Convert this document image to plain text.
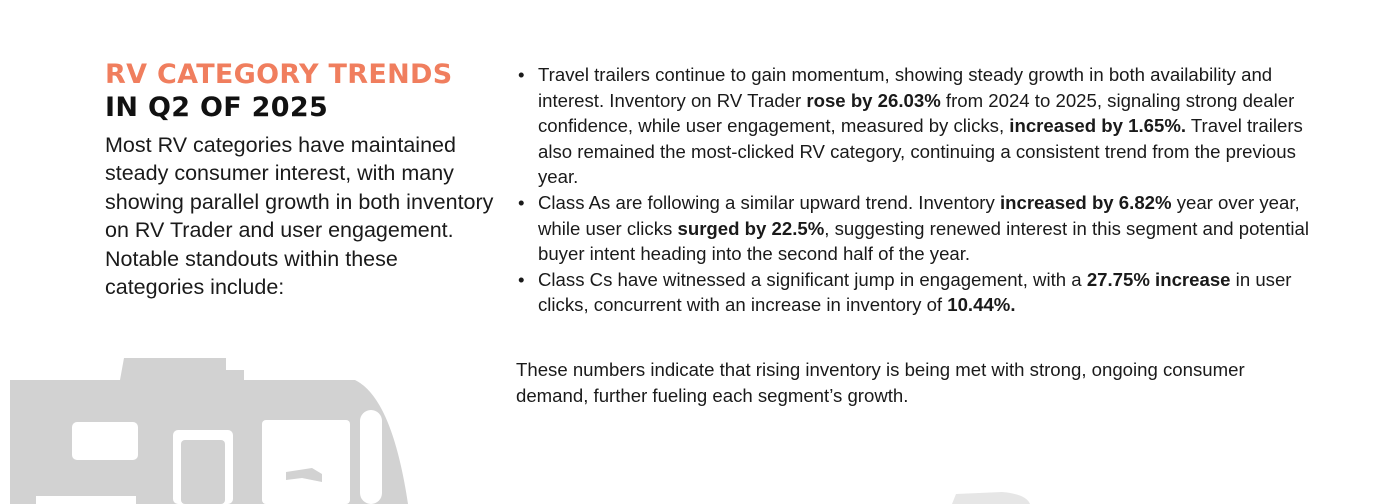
RV CATEGORY TRENDS
IN Q2 OF 2025

Most RV categories have maintained steady consumer interest, with many showing parallel growth in both inventory on RV Trader and user engagement. Notable standouts within these categories include:

• Travel trailers continue to gain momentum, showing steady growth in both availability and interest. Inventory on RV Trader rose by 26.03% from 2024 to 2025, signaling strong dealer confidence, while user engagement, measured by clicks, increased by 1.65%. Travel trailers also remained the most-clicked RV category, continuing a consistent trend from the previous year.
• Class As are following a similar upward trend. Inventory increased by 6.82% year over year, while user clicks surged by 22.5%, suggesting renewed interest in this segment and potential buyer intent heading into the second half of the year.
• Class Cs have witnessed a significant jump in engagement, with a 27.75% increase in user clicks, concurrent with an increase in inventory of 10.44%.

These numbers indicate that rising inventory is being met with strong, ongoing consumer demand, further fueling each segment’s growth.
